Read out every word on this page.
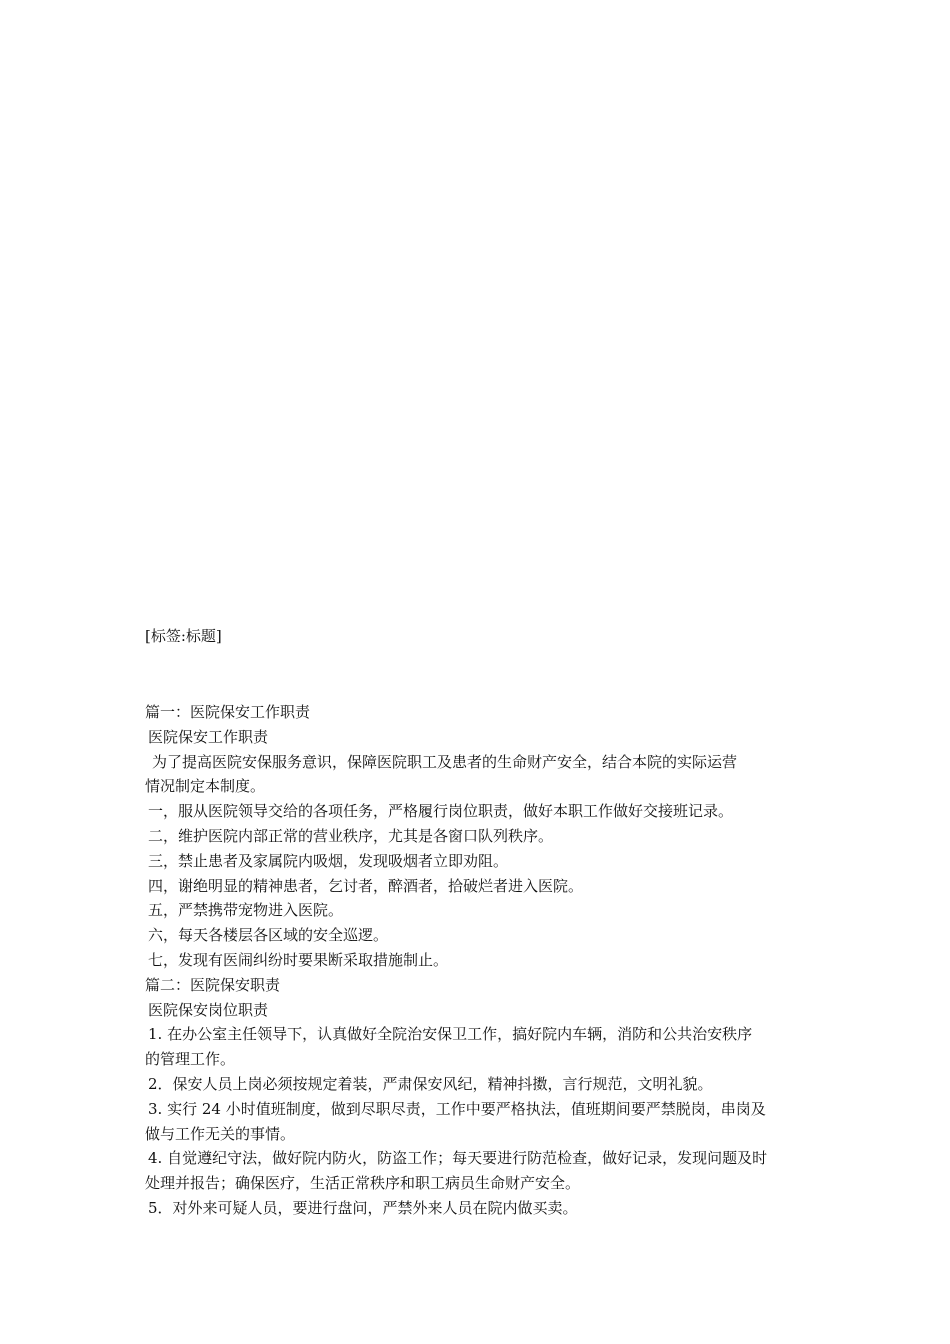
[标签:标题]
篇一：医院保安工作职责
医院保安工作职责
为了提高医院安保服务意识，保障医院职工及患者的生命财产安全，结合本院的实际运营
情况制定本制度。
一，服从医院领导交给的各项任务，严格履行岗位职责，做好本职工作做好交接班记录。
二，维护医院内部正常的营业秩序，尤其是各窗口队列秩序。
三，禁止患者及家属院内吸烟，发现吸烟者立即劝阻。
四，谢绝明显的精神患者，乞讨者，醉酒者，拾破烂者进入医院。
五，严禁携带宠物进入医院。
六，每天各楼层各区域的安全巡逻。
七，发现有医闹纠纷时要果断采取措施制止。
篇二：医院保安职责
医院保安岗位职责
1. 在办公室主任领导下，认真做好全院治安保卫工作，搞好院内车辆，消防和公共治安秩序
的管理工作。
2．保安人员上岗必须按规定着装，严肃保安风纪，精神抖擞，言行规范，文明礼貌。
3. 实行 24 小时值班制度，做到尽职尽责，工作中要严格执法，值班期间要严禁脱岗，串岗及
做与工作无关的事情。
4. 自觉遵纪守法，做好院内防火，防盗工作；每天要进行防范检查，做好记录，发现问题及时
处理并报告；确保医疗，生活正常秩序和职工病员生命财产安全。
5．对外来可疑人员，要进行盘问，严禁外来人员在院内做买卖。
